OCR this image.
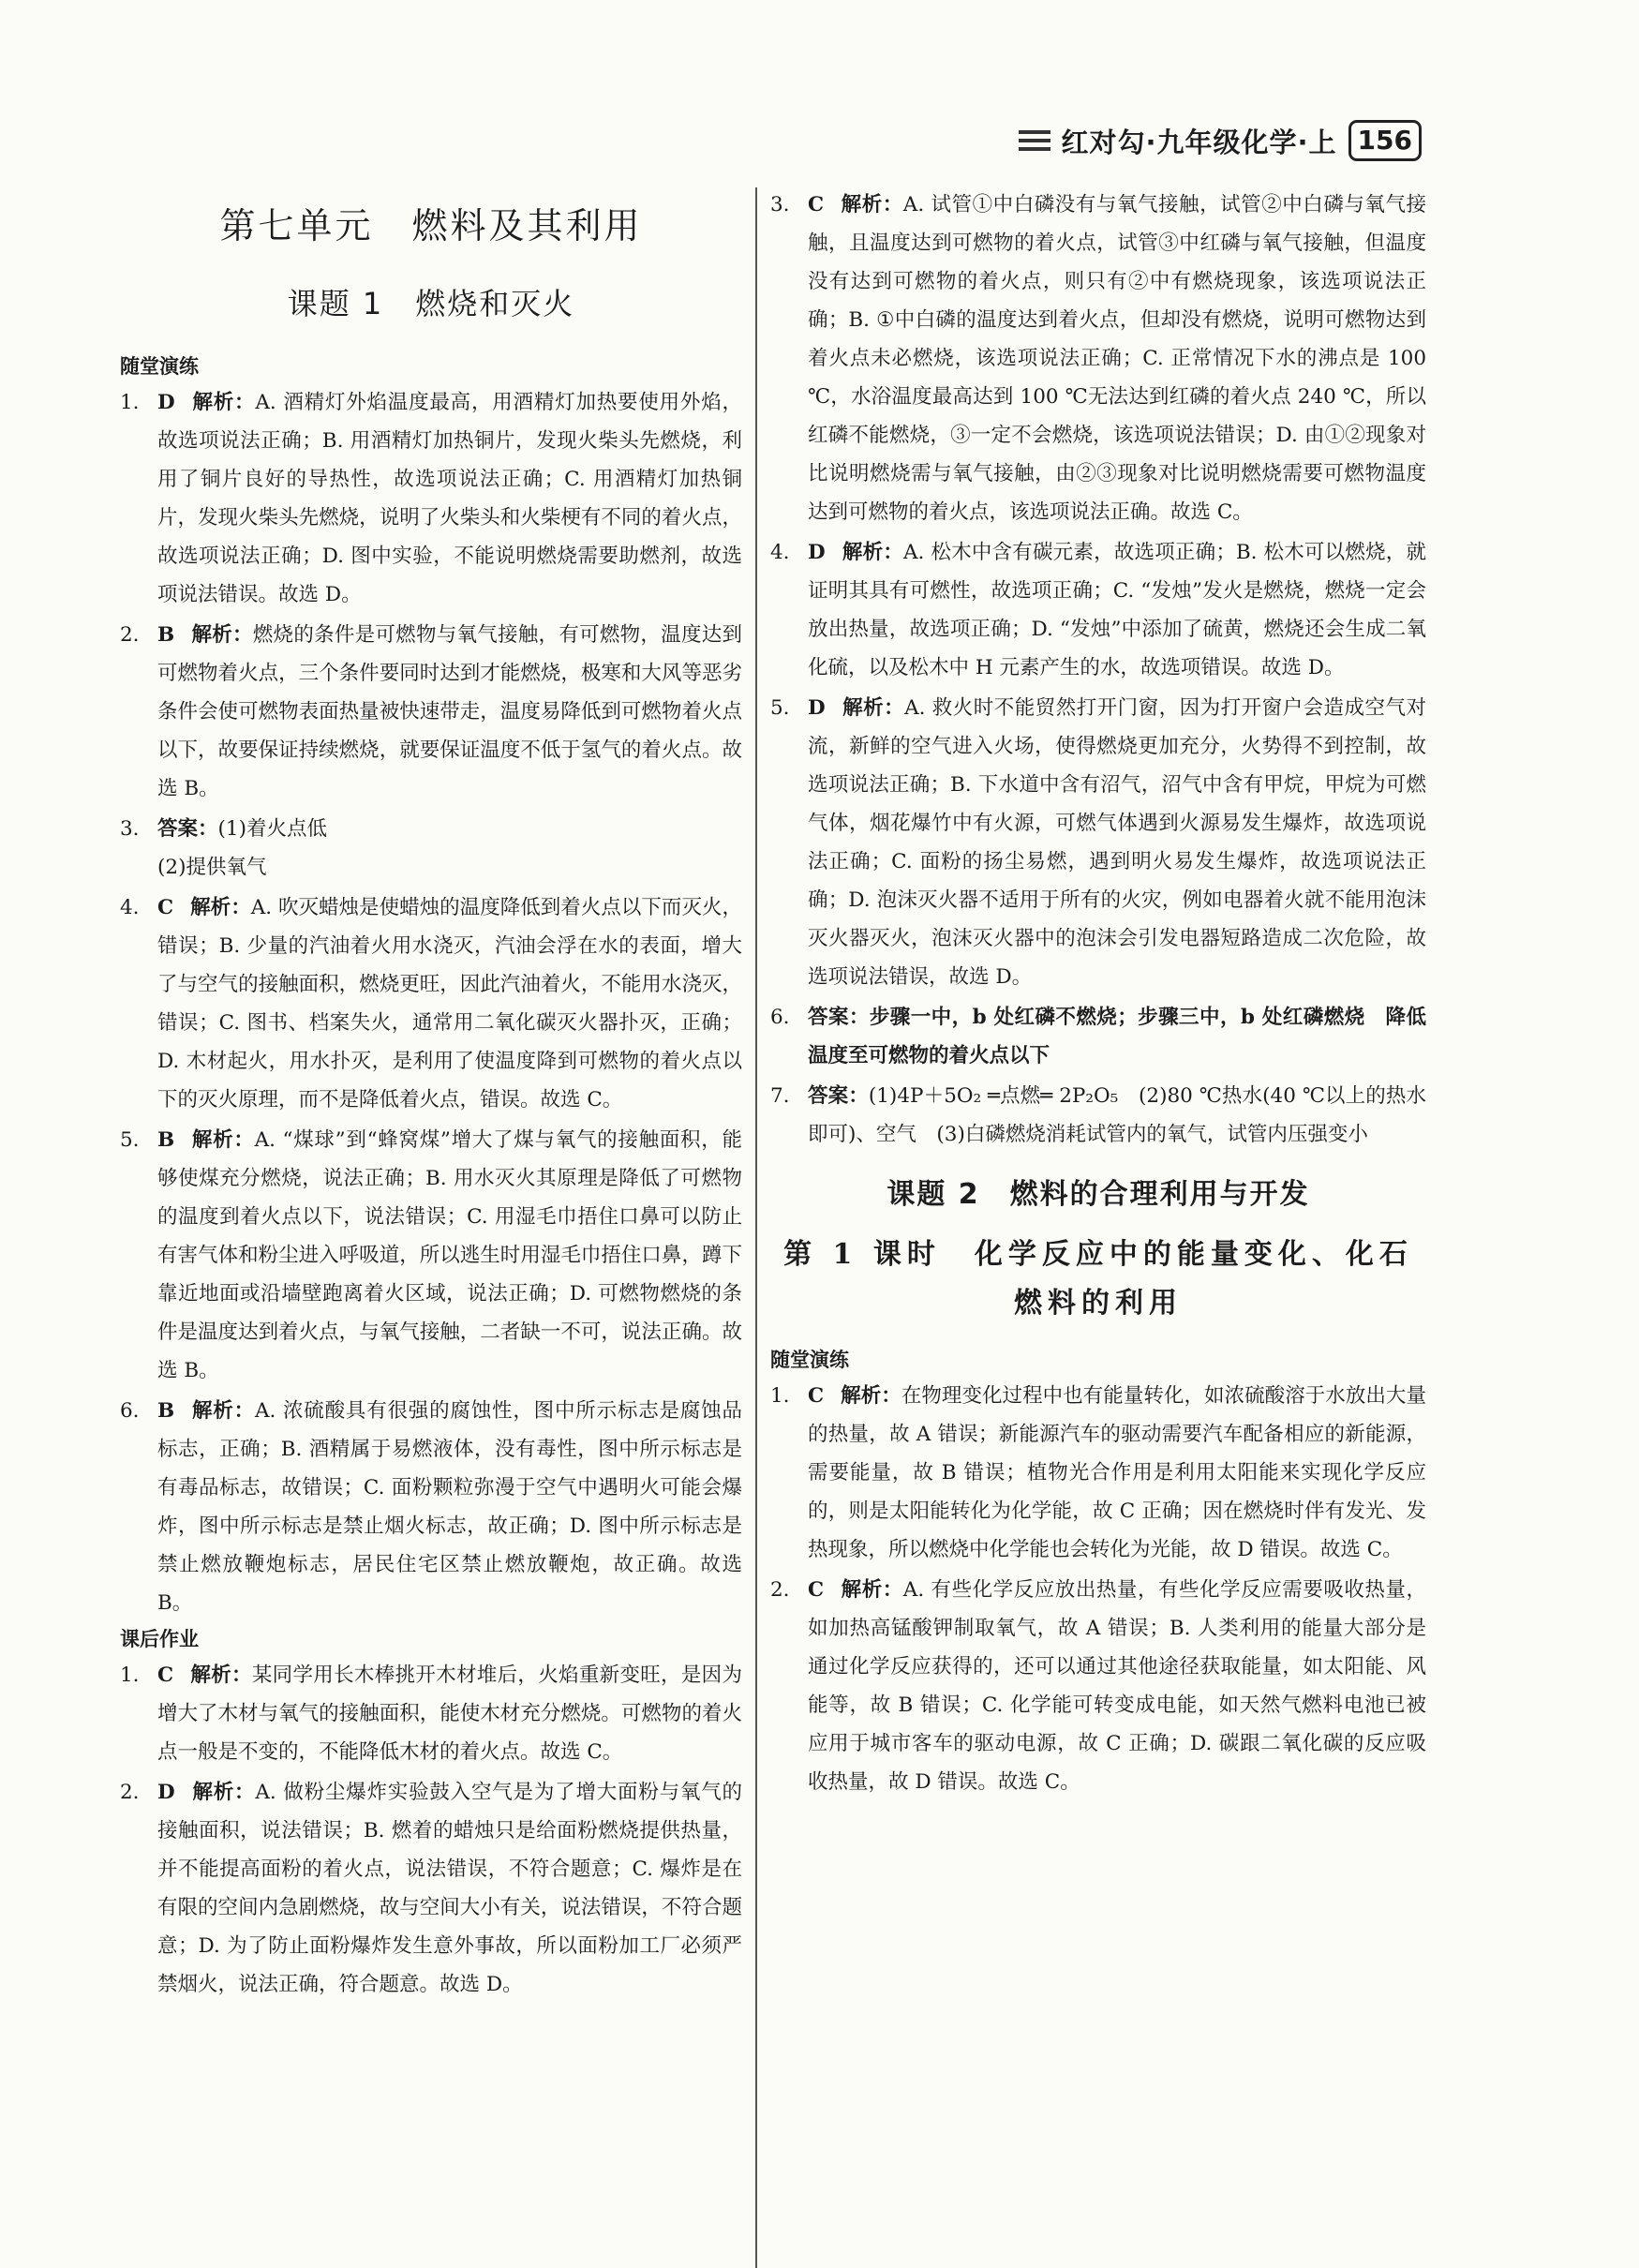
红对勾·九年级化学·上 156
第七单元　燃料及其利用
课题 1　燃烧和灭火
随堂演练
1. D 解析：A. 酒精灯外焰温度最高，用酒精灯加热要使用外焰，故选项说法正确；B. 用酒精灯加热铜片，发现火柴头先燃烧，利用了铜片良好的导热性，故选项说法正确；C. 用酒精灯加热铜片，发现火柴头先燃烧，说明了火柴头和火柴梗有不同的着火点，故选项说法正确；D. 图中实验，不能说明燃烧需要助燃剂，故选项说法错误。故选 D。
2. B 解析：燃烧的条件是可燃物与氧气接触，有可燃物，温度达到可燃物着火点，三个条件要同时达到才能燃烧，极寒和大风等恶劣条件会使可燃物表面热量被快速带走，温度易降低到可燃物着火点以下，故要保证持续燃烧，就要保证温度不低于氢气的着火点。故选 B。
3. 答案：(1)着火点低
(2)提供氧气
4. C 解析：A. 吹灭蜡烛是使蜡烛的温度降低到着火点以下而灭火，错误；B. 少量的汽油着火用水浇灭，汽油会浮在水的表面，增大了与空气的接触面积，燃烧更旺，因此汽油着火，不能用水浇灭，错误；C. 图书、档案失火，通常用二氧化碳灭火器扑灭，正确；D. 木材起火，用水扑灭，是利用了使温度降到可燃物的着火点以下的灭火原理，而不是降低着火点，错误。故选 C。
5. B 解析：A. “煤球”到“蜂窝煤”增大了煤与氧气的接触面积，能够使煤充分燃烧，说法正确；B. 用水灭火其原理是降低了可燃物的温度到着火点以下，说法错误；C. 用湿毛巾捂住口鼻可以防止有害气体和粉尘进入呼吸道，所以逃生时用湿毛巾捂住口鼻，蹲下靠近地面或沿墙壁跑离着火区域，说法正确；D. 可燃物燃烧的条件是温度达到着火点，与氧气接触，二者缺一不可，说法正确。故选 B。
6. B 解析：A. 浓硫酸具有很强的腐蚀性，图中所示标志是腐蚀品标志，正确；B. 酒精属于易燃液体，没有毒性，图中所示标志是有毒品标志，故错误；C. 面粉颗粒弥漫于空气中遇明火可能会爆炸，图中所示标志是禁止烟火标志，故正确；D. 图中所示标志是禁止燃放鞭炮标志，居民住宅区禁止燃放鞭炮，故正确。故选 B。
课后作业
1. C 解析：某同学用长木棒挑开木材堆后，火焰重新变旺，是因为增大了木材与氧气的接触面积，能使木材充分燃烧。可燃物的着火点一般是不变的，不能降低木材的着火点。故选 C。
2. D 解析：A. 做粉尘爆炸实验鼓入空气是为了增大面粉与氧气的接触面积，说法错误；B. 燃着的蜡烛只是给面粉燃烧提供热量，并不能提高面粉的着火点，说法错误，不符合题意；C. 爆炸是在有限的空间内急剧燃烧，故与空间大小有关，说法错误，不符合题意；D. 为了防止面粉爆炸发生意外事故，所以面粉加工厂必须严禁烟火，说法正确，符合题意。故选 D。
3. C 解析：A. 试管①中白磷没有与氧气接触，试管②中白磷与氧气接触，且温度达到可燃物的着火点，试管③中红磷与氧气接触，但温度没有达到可燃物的着火点，则只有②中有燃烧现象，该选项说法正确；B. ①中白磷的温度达到着火点，但却没有燃烧，说明可燃物达到着火点未必燃烧，该选项说法正确；C. 正常情况下水的沸点是 100 ℃，水浴温度最高达到 100 ℃无法达到红磷的着火点 240 ℃，所以红磷不能燃烧，③一定不会燃烧，该选项说法错误；D. 由①②现象对比说明燃烧需与氧气接触，由②③现象对比说明燃烧需要可燃物温度达到可燃物的着火点，该选项说法正确。故选 C。
4. D 解析：A. 松木中含有碳元素，故选项正确；B. 松木可以燃烧，就证明其具有可燃性，故选项正确；C. “发烛”发火是燃烧，燃烧一定会放出热量，故选项正确；D. “发烛”中添加了硫黄，燃烧还会生成二氧化硫，以及松木中 H 元素产生的水，故选项错误。故选 D。
5. D 解析：A. 救火时不能贸然打开门窗，因为打开窗户会造成空气对流，新鲜的空气进入火场，使得燃烧更加充分，火势得不到控制，故选项说法正确；B. 下水道中含有沼气，沼气中含有甲烷，甲烷为可燃气体，烟花爆竹中有火源，可燃气体遇到火源易发生爆炸，故选项说法正确；C. 面粉的扬尘易燃，遇到明火易发生爆炸，故选项说法正确；D. 泡沫灭火器不适用于所有的火灾，例如电器着火就不能用泡沫灭火器灭火，泡沫灭火器中的泡沫会引发电器短路造成二次危险，故选项说法错误，故选 D。
6. 答案：步骤一中，b 处红磷不燃烧；步骤三中，b 处红磷燃烧　降低温度至可燃物的着火点以下
7. 答案：(1)4P＋5O₂ ═点燃═ 2P₂O₅　(2)80 ℃热水(40 ℃以上的热水即可)、空气　(3)白磷燃烧消耗试管内的氧气，试管内压强变小
课题 2　燃料的合理利用与开发
第 1 课时　化学反应中的能量变化、化石燃料的利用
随堂演练
1. C 解析：在物理变化过程中也有能量转化，如浓硫酸溶于水放出大量的热量，故 A 错误；新能源汽车的驱动需要汽车配备相应的新能源，需要能量，故 B 错误；植物光合作用是利用太阳能来实现化学反应的，则是太阳能转化为化学能，故 C 正确；因在燃烧时伴有发光、发热现象，所以燃烧中化学能也会转化为光能，故 D 错误。故选 C。
2. C 解析：A. 有些化学反应放出热量，有些化学反应需要吸收热量，如加热高锰酸钾制取氧气，故 A 错误；B. 人类利用的能量大部分是通过化学反应获得的，还可以通过其他途径获取能量，如太阳能、风能等，故 B 错误；C. 化学能可转变成电能，如天然气燃料电池已被应用于城市客车的驱动电源，故 C 正确；D. 碳跟二氧化碳的反应吸收热量，故 D 错误。故选 C。
